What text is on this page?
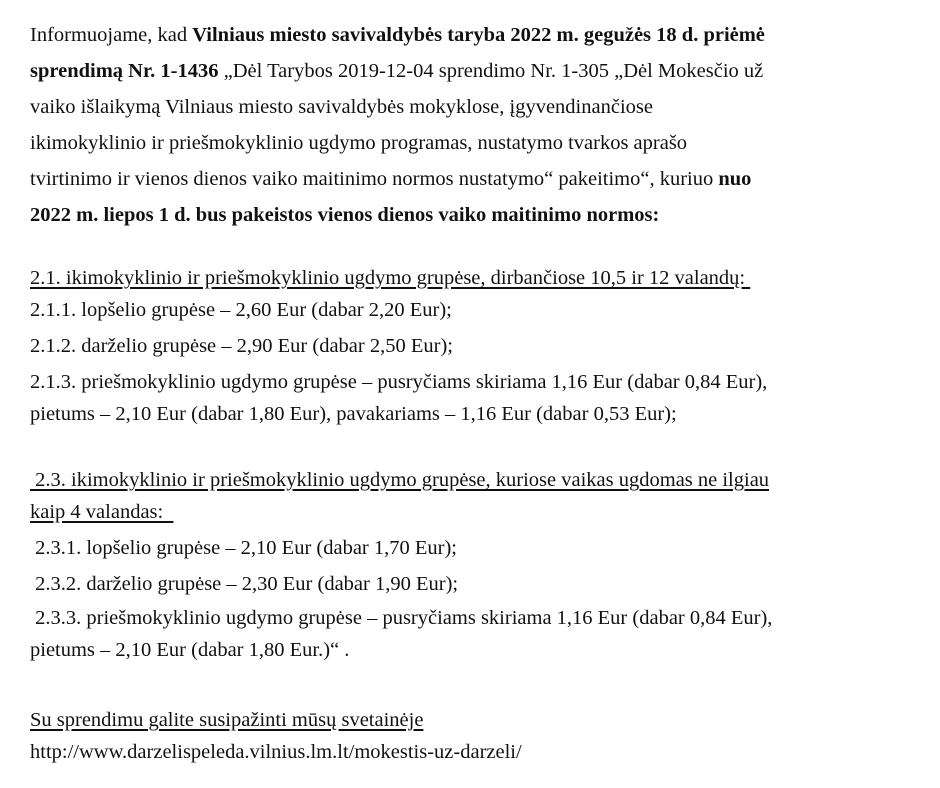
Informuojame, kad Vilniaus miesto savivaldybės taryba 2022 m. gegužės 18 d. priėmė
sprendimą Nr. 1-1436 „Dėl Tarybos 2019-12-04 sprendimo Nr. 1-305 „Dėl Mokesčio už
vaiko išlaikymą Vilniaus miesto savivaldybės mokyklose, įgyvendinančiose
ikimokyklinio ir priešmokyklinio ugdymo programas, nustatymo tvarkos aprašo
tvirtinimo ir vienos dienos vaiko maitinimo normos nustatymo“ pakeitimo“, kuriuo nuo
2022 m. liepos 1 d. bus pakeistos vienos dienos vaiko maitinimo normos:
2.1. ikimokyklinio ir priešmokyklinio ugdymo grupėse, dirbančiose 10,5 ir 12 valandų:
2.1.1. lopšelio grupėse – 2,60 Eur (dabar 2,20 Eur);
2.1.2. darželio grupėse – 2,90 Eur (dabar 2,50 Eur);
2.1.3. priešmokyklinio ugdymo grupėse – pusryčiams skiriama 1,16 Eur (dabar 0,84 Eur),
pietums – 2,10 Eur (dabar 1,80 Eur), pavakariams – 1,16 Eur (dabar 0,53 Eur);
2.3. ikimokyklinio ir priešmokyklinio ugdymo grupėse, kuriose vaikas ugdomas ne ilgiau
kaip 4 valandas:
2.3.1. lopšelio grupėse – 2,10 Eur (dabar 1,70 Eur);
2.3.2. darželio grupėse – 2,30 Eur (dabar 1,90 Eur);
2.3.3. priešmokyklinio ugdymo grupėse – pusryčiams skiriama 1,16 Eur (dabar 0,84 Eur),
pietums – 2,10 Eur (dabar 1,80 Eur.)“ .
Su sprendimu galite susipažinti mūsų svetainėje
http://www.darzelispeleda.vilnius.lm.lt/mokestis-uz-darzeli/
